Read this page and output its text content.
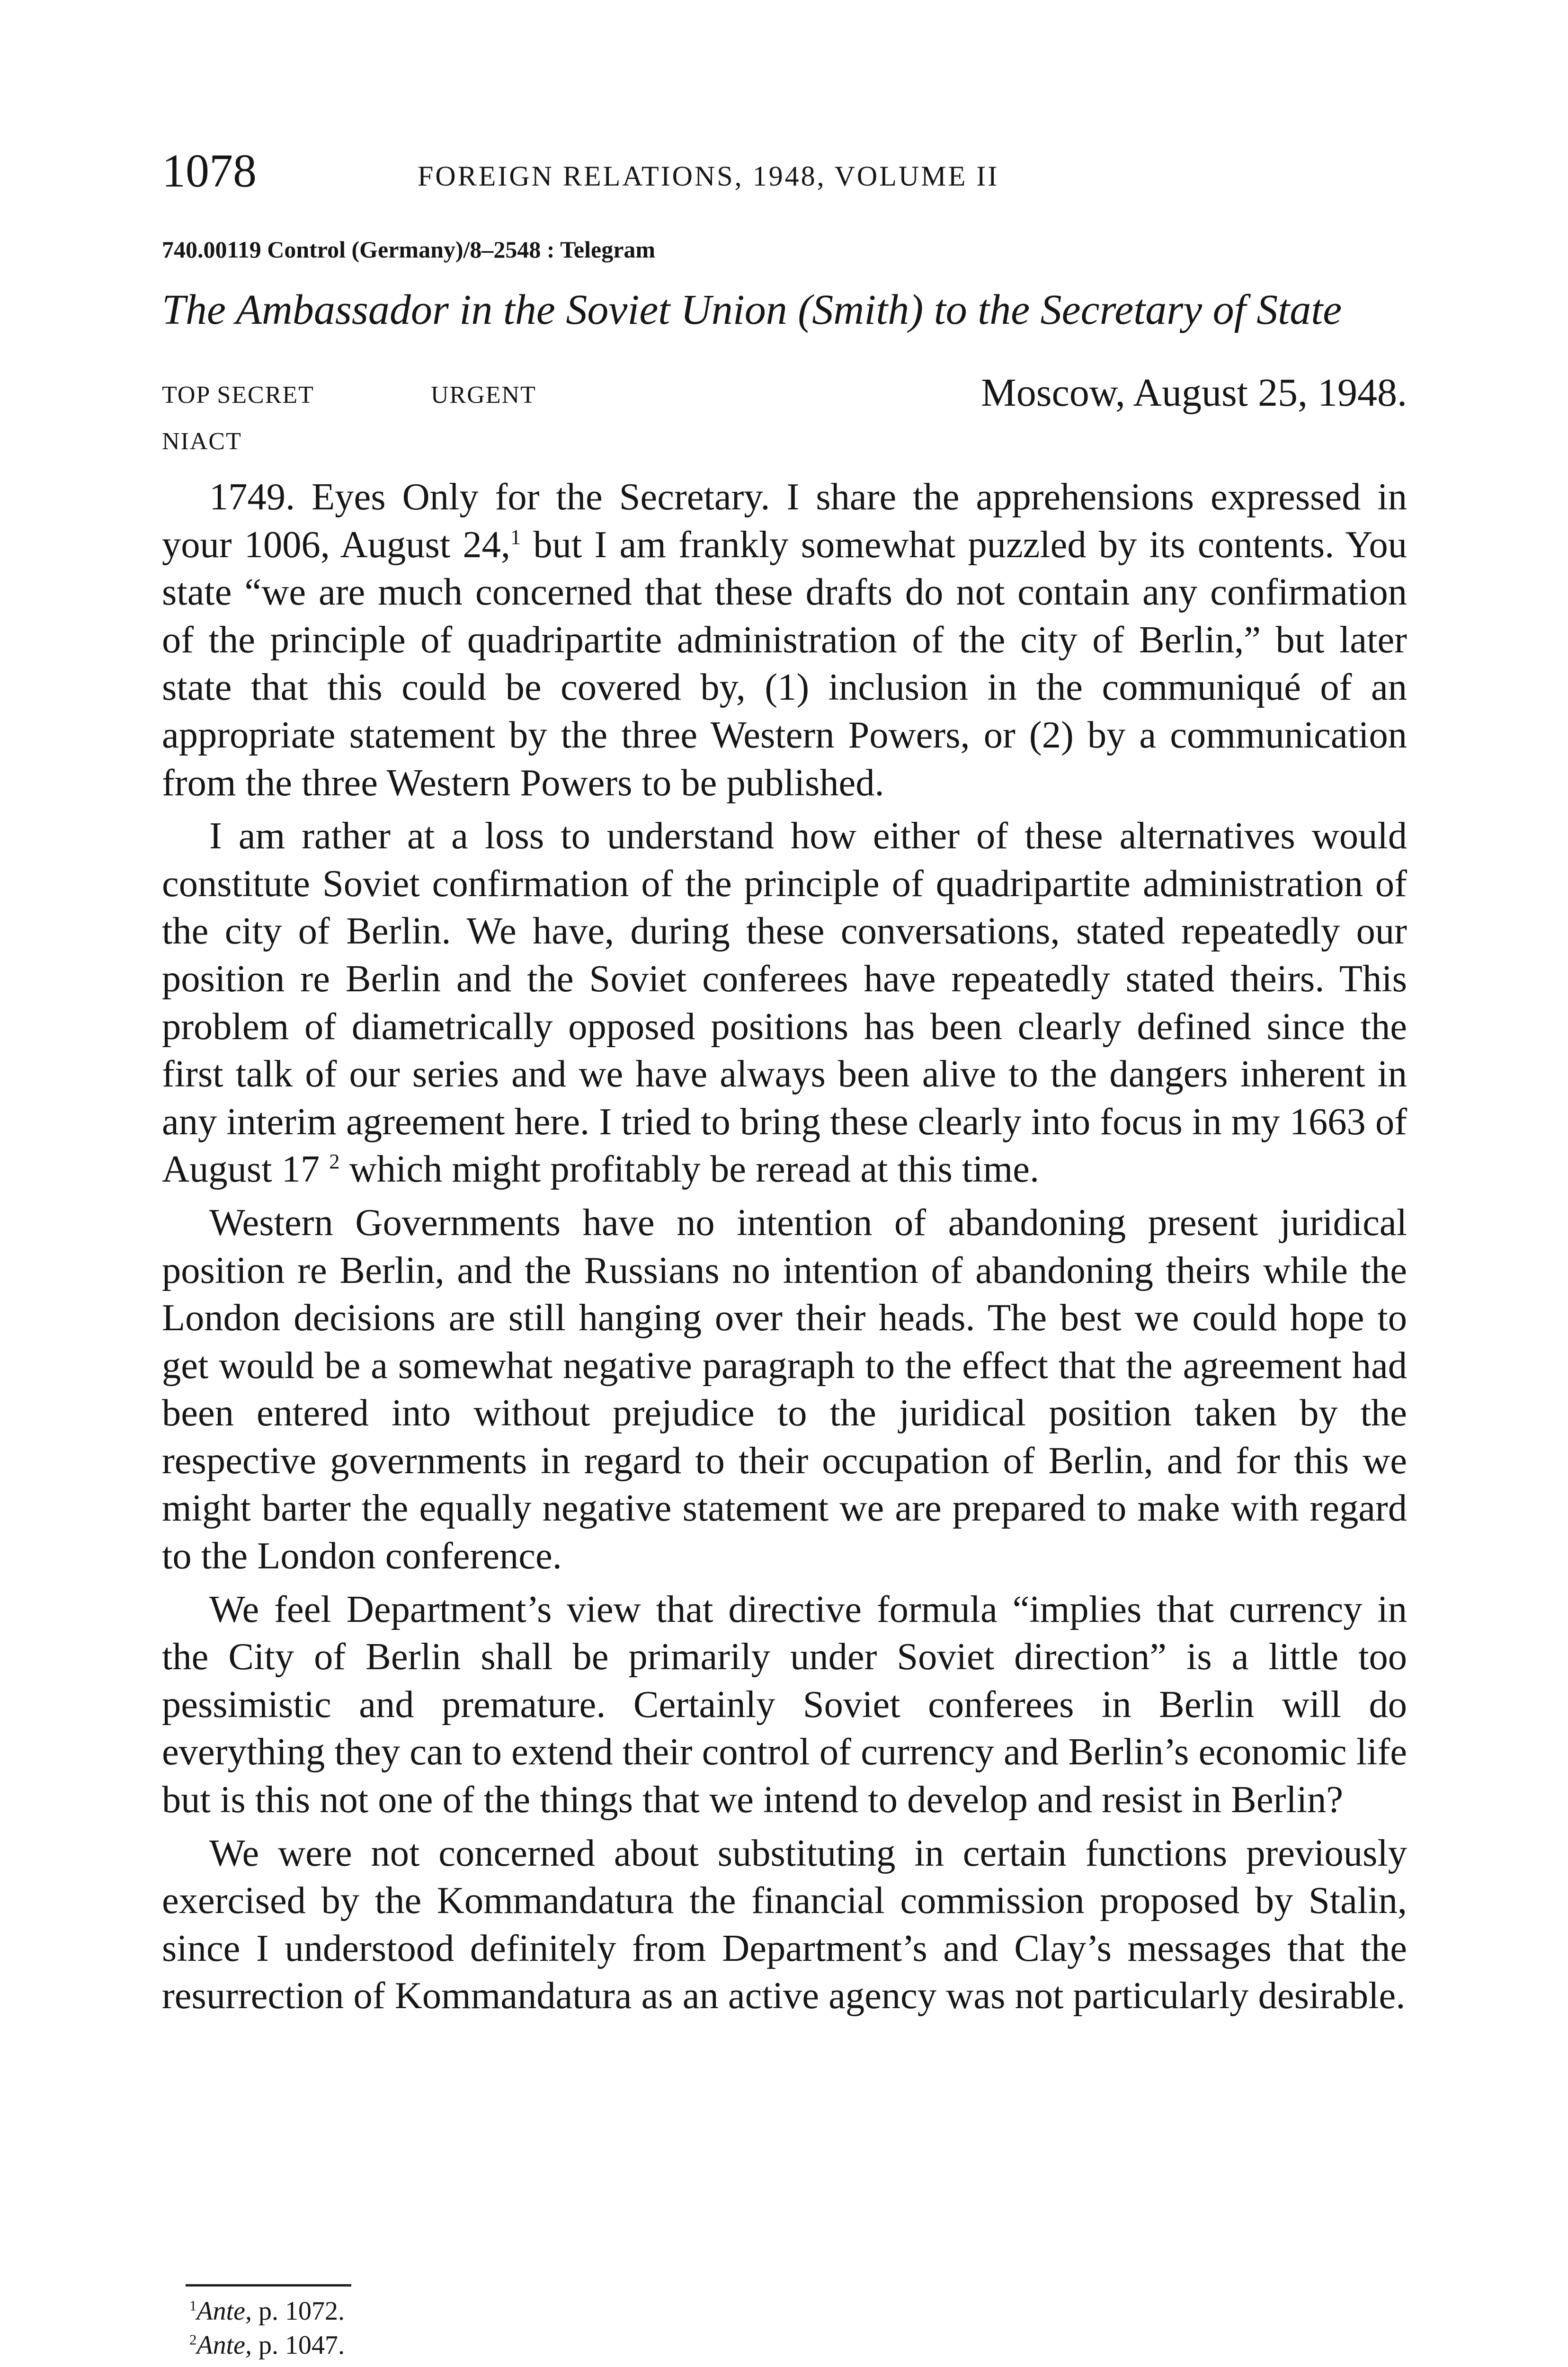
1078	FOREIGN RELATIONS, 1948, VOLUME II
740.00119 Control (Germany)/8–2548 : Telegram
The Ambassador in the Soviet Union (Smith) to the Secretary of State
TOP SECRET	URGENT
NIACT
Moscow, August 25, 1948.

1749. Eyes Only for the Secretary. I share the apprehensions expressed in your 1006, August 24,$^1$ but I am frankly somewhat puzzled by its contents. You state “we are much concerned that these drafts do not contain any confirmation of the principle of quadripartite administration of the city of Berlin,” but later state that this could be covered by, (1) inclusion in the communiqué of an appropriate statement by the three Western Powers, or (2) by a communication from the three Western Powers to be published.

I am rather at a loss to understand how either of these alternatives would constitute Soviet confirmation of the principle of quadripartite administration of the city of Berlin. We have, during these conversations, stated repeatedly our position re Berlin and the Soviet conferees have repeatedly stated theirs. This problem of diametrically opposed positions has been clearly defined since the first talk of our series and we have always been alive to the dangers inherent in any interim agreement here. I tried to bring these clearly into focus in my 1663 of August 17 $^2$ which might profitably be reread at this time.

Western Governments have no intention of abandoning present juridical position re Berlin, and the Russians no intention of abandoning theirs while the London decisions are still hanging over their heads. The best we could hope to get would be a somewhat negative paragraph to the effect that the agreement had been entered into without prejudice to the juridical position taken by the respective governments in regard to their occupation of Berlin, and for this we might barter the equally negative statement we are prepared to make with regard to the London conference.

We feel Department’s view that directive formula “implies that currency in the City of Berlin shall be primarily under Soviet direction” is a little too pessimistic and premature. Certainly Soviet conferees in Berlin will do everything they can to extend their control of currency and Berlin’s economic life but is this not one of the things that we intend to develop and resist in Berlin?

We were not concerned about substituting in certain functions previously exercised by the Kommandatura the financial commission proposed by Stalin, since I understood definitely from Department’s and Clay’s messages that the resurrection of Kommandatura as an active agency was not particularly desirable.

$^1$Ante, p. 1072.
$^2$Ante, p. 1047.
